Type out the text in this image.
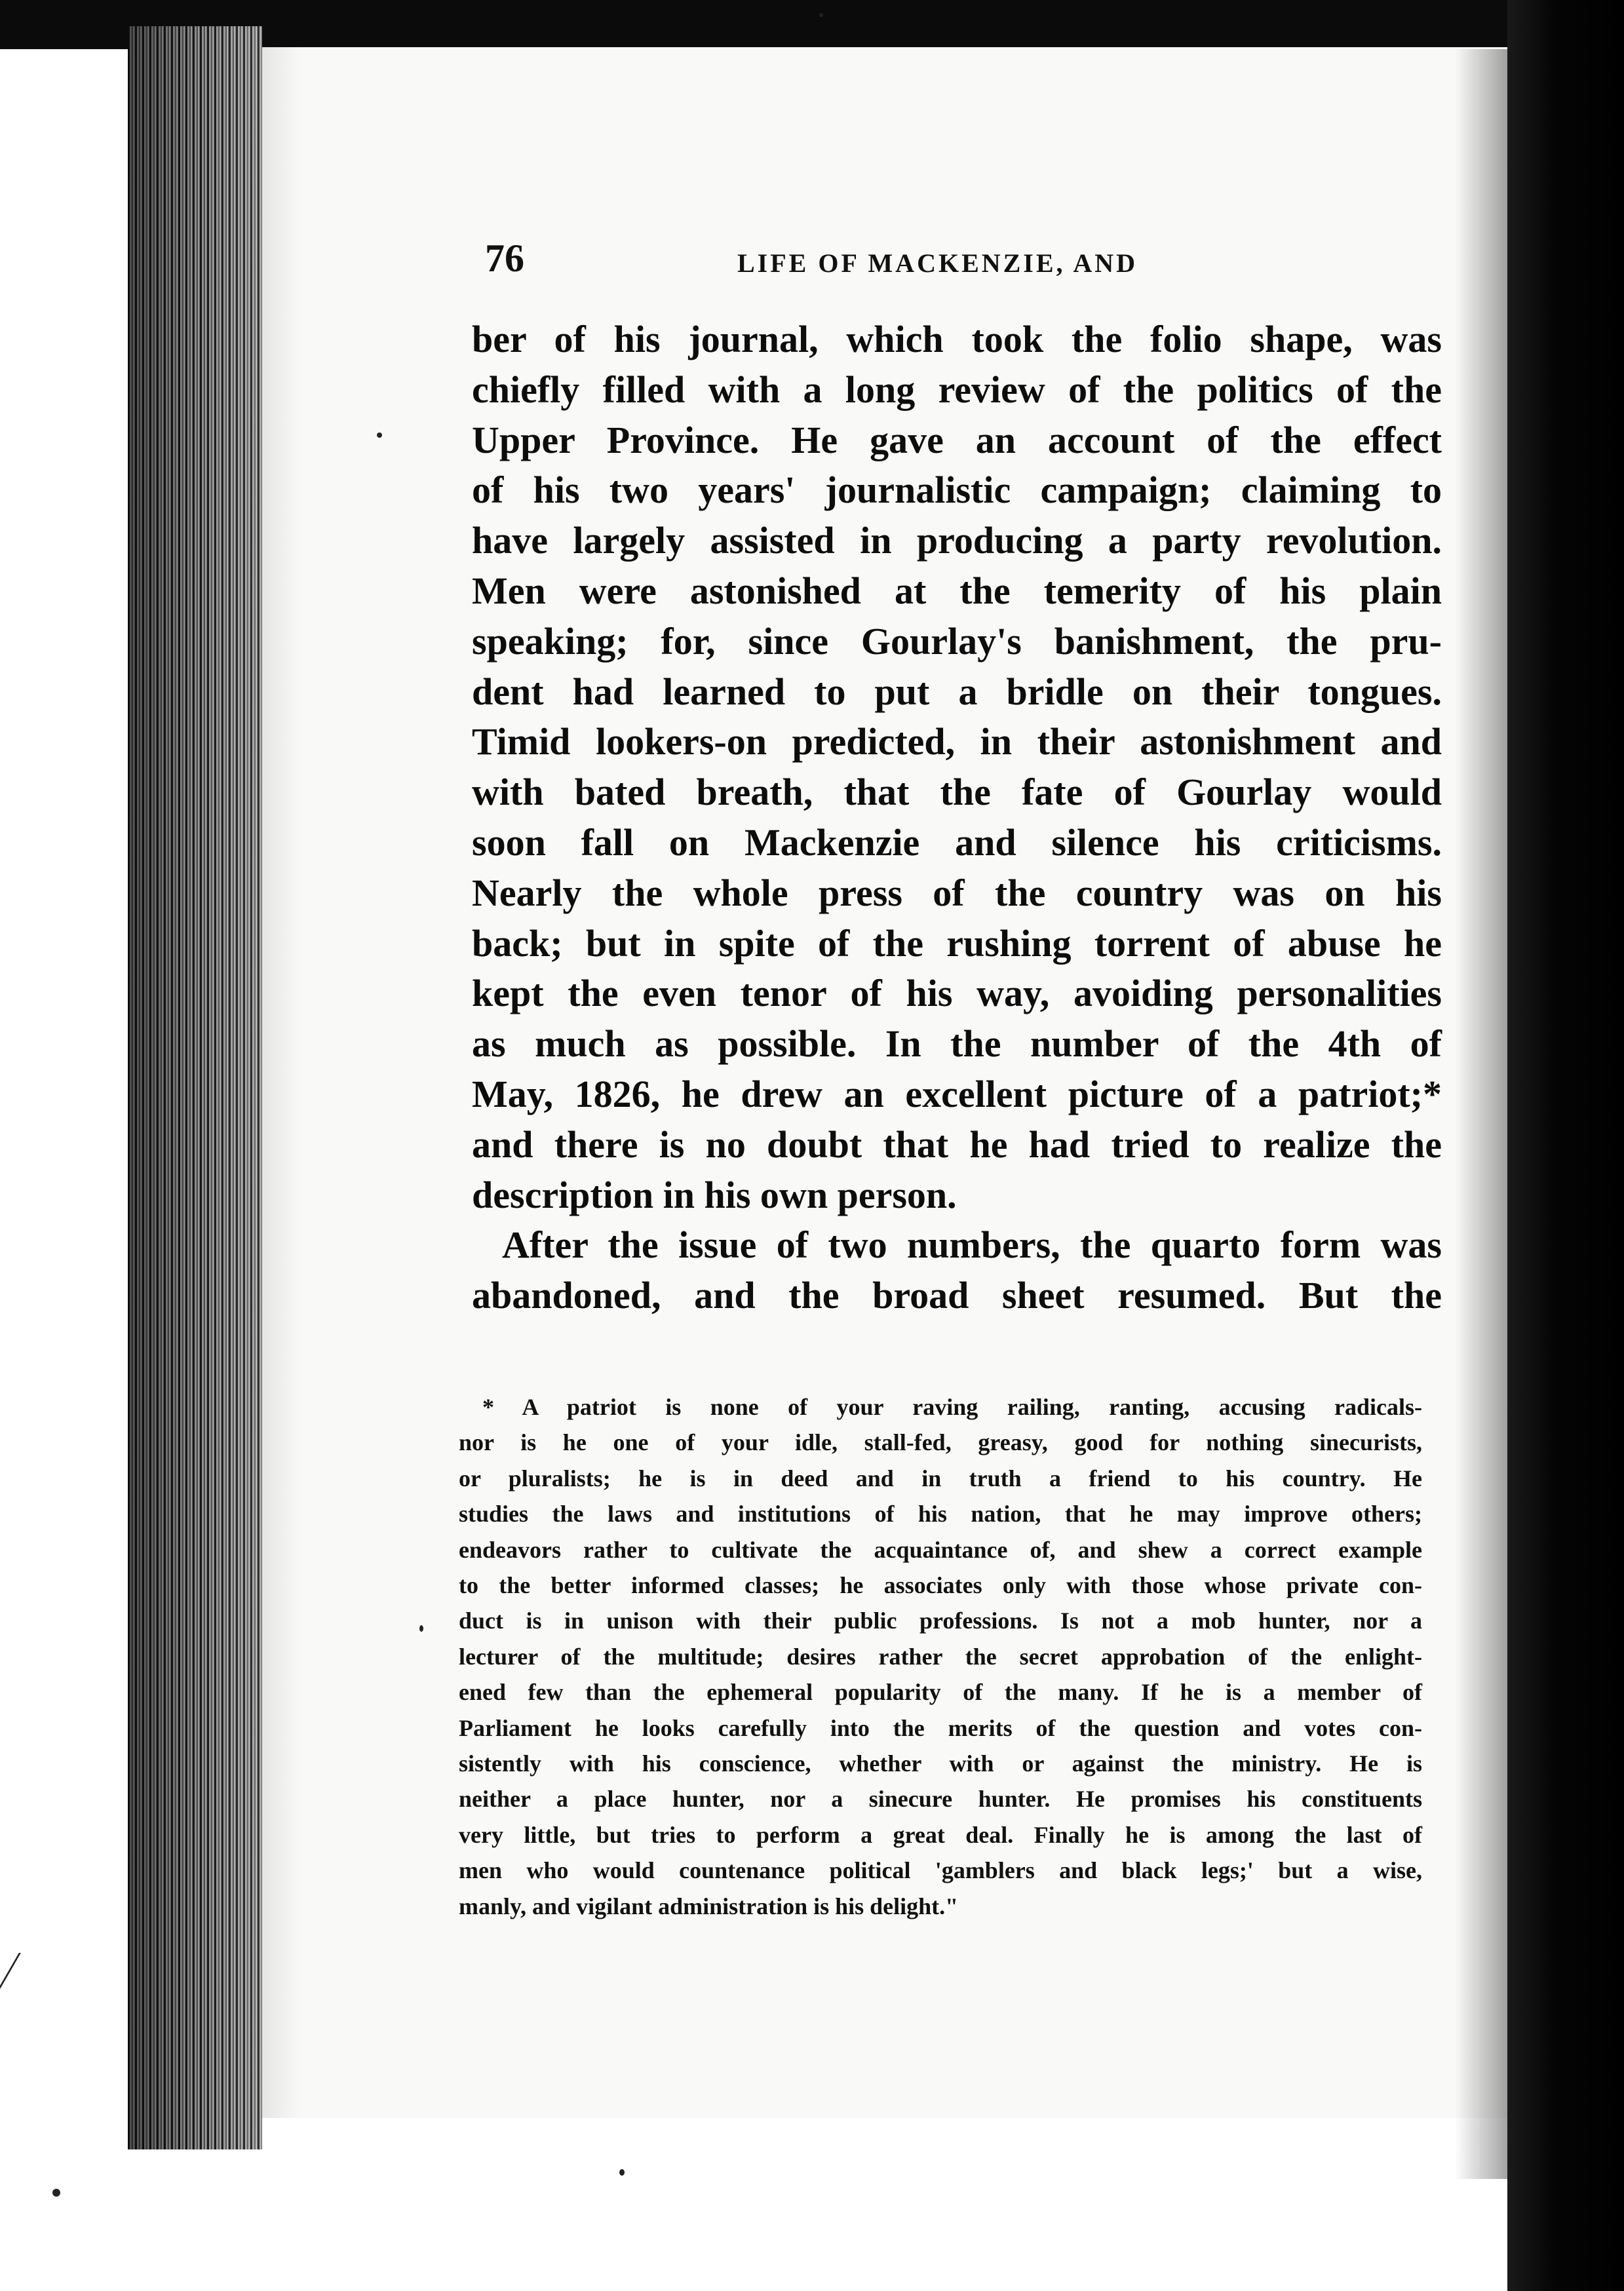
76	LIFE OF MACKENZIE, AND
ber of his journal, which took the folio shape, was
chiefly filled with a long review of the politics of the
Upper Province. He gave an account of the effect
of his two years' journalistic campaign; claiming to
have largely assisted in producing a party revolution.
Men were astonished at the temerity of his plain
speaking; for, since Gourlay's banishment, the pru-
dent had learned to put a bridle on their tongues.
Timid lookers-on predicted, in their astonishment and
with bated breath, that the fate of Gourlay would
soon fall on Mackenzie and silence his criticisms.
Nearly the whole press of the country was on his
back; but in spite of the rushing torrent of abuse he
kept the even tenor of his way, avoiding personalities
as much as possible. In the number of the 4th of
May, 1826, he drew an excellent picture of a patriot;*
and there is no doubt that he had tried to realize the
description in his own person.
After the issue of two numbers, the quarto form was
abandoned, and the broad sheet resumed. But the
* A patriot is none of your raving railing, ranting, accusing radicals-
nor is he one of your idle, stall-fed, greasy, good for nothing sinecurists,
or pluralists; he is in deed and in truth a friend to his country. He
studies the laws and institutions of his nation, that he may improve others;
endeavors rather to cultivate the acquaintance of, and shew a correct example
to the better informed classes; he associates only with those whose private con-
duct is in unison with their public professions. Is not a mob hunter, nor a
lecturer of the multitude; desires rather the secret approbation of the enlight-
ened few than the ephemeral popularity of the many. If he is a member of
Parliament he looks carefully into the merits of the question and votes con-
sistently with his conscience, whether with or against the ministry. He is
neither a place hunter, nor a sinecure hunter. He promises his constituents
very little, but tries to perform a great deal. Finally he is among the last of
men who would countenance political 'gamblers and black legs;' but a wise,
manly, and vigilant administration is his delight."
